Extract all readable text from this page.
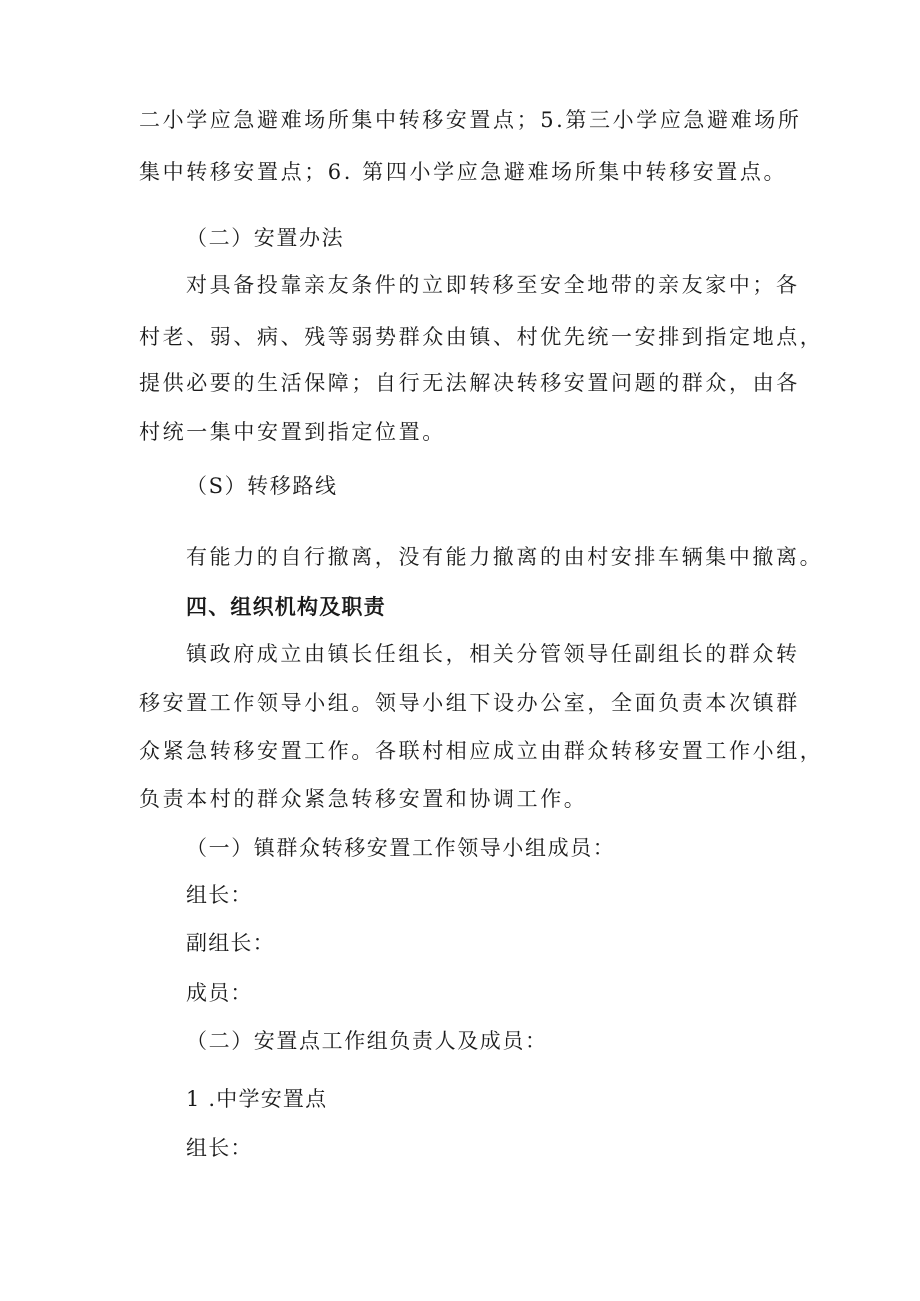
二小学应急避难场所集中转移安置点；5.第三小学应急避难场所
集中转移安置点；6. 第四小学应急避难场所集中转移安置点。
（二）安置办法
对具备投靠亲友条件的立即转移至安全地带的亲友家中；各
村老、弱、病、残等弱势群众由镇、村优先统一安排到指定地点，
提供必要的生活保障；自行无法解决转移安置问题的群众，由各
村统一集中安置到指定位置。
（S）转移路线
有能力的自行撤离，没有能力撤离的由村安排车辆集中撤离。
四、组织机构及职责
镇政府成立由镇长任组长，相关分管领导任副组长的群众转
移安置工作领导小组。领导小组下设办公室，全面负责本次镇群
众紧急转移安置工作。各联村相应成立由群众转移安置工作小组，
负责本村的群众紧急转移安置和协调工作。
（一）镇群众转移安置工作领导小组成员：
组长：
副组长：
成员：
（二）安置点工作组负责人及成员：
1 .中学安置点
组长：
